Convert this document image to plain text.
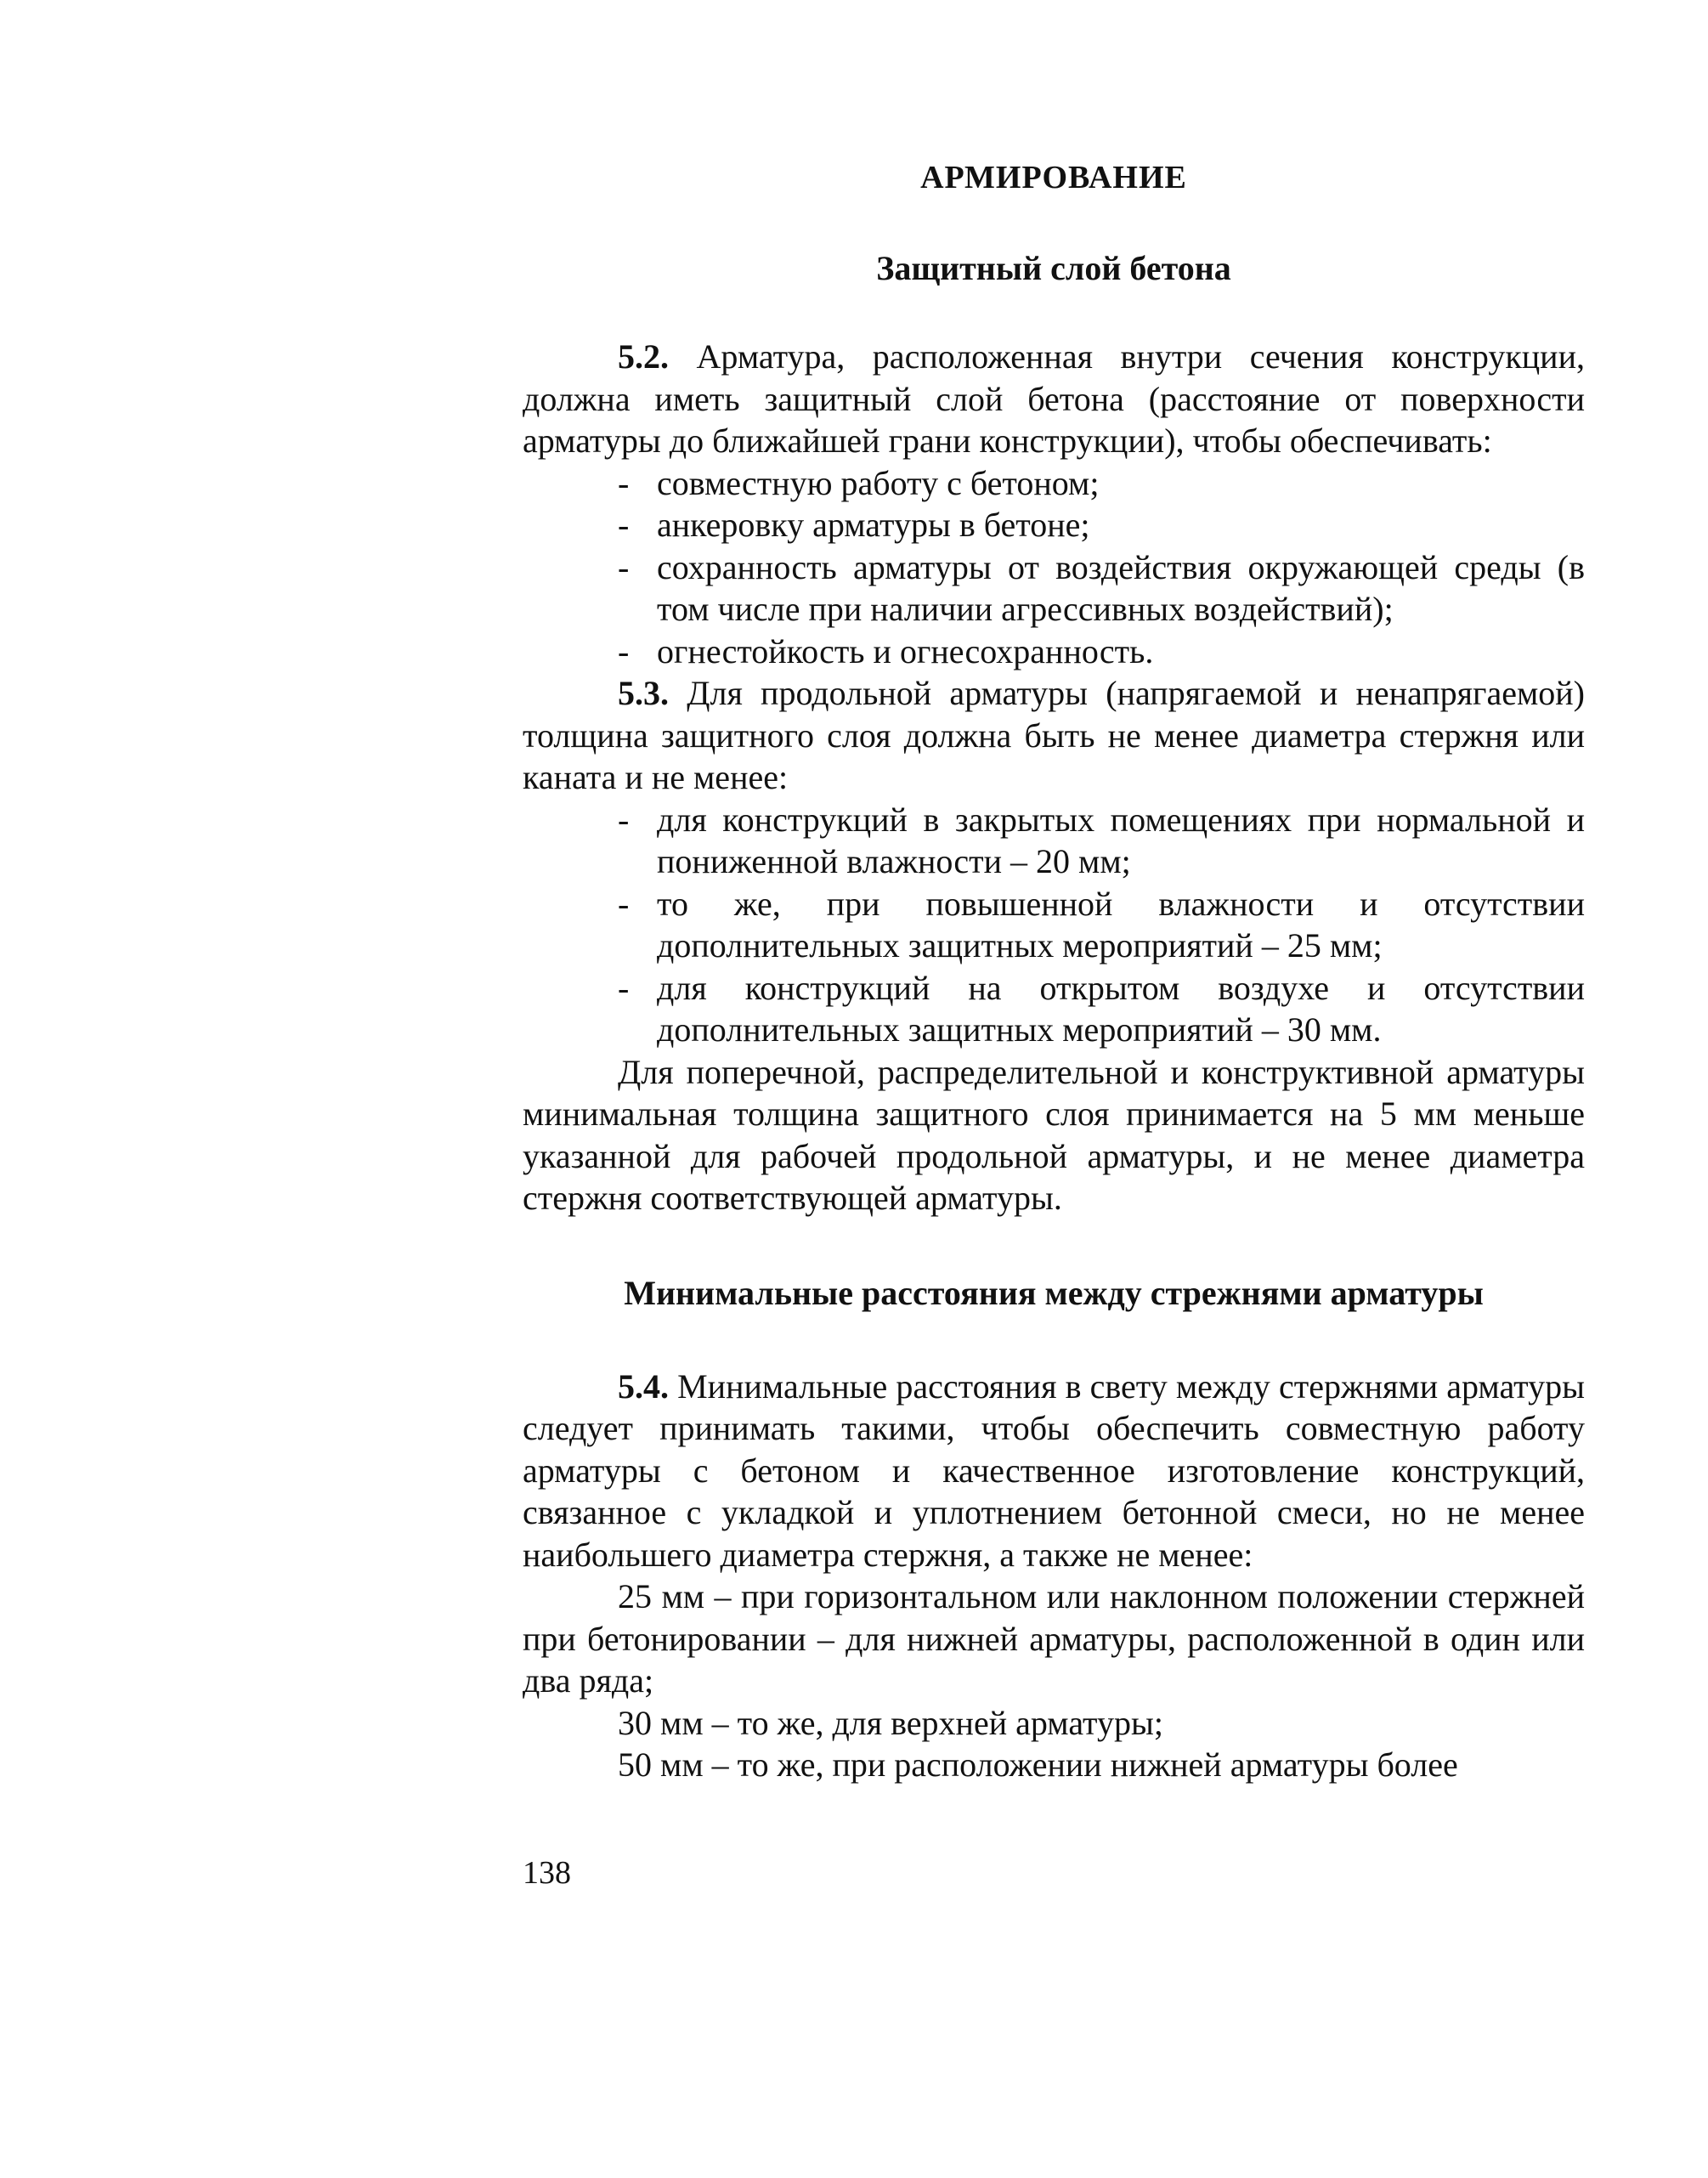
АРМИРОВАНИЕ
Защитный слой бетона

5.2. Арматура, расположенная внутри сечения конструкции, должна иметь защитный слой бетона (расстояние от поверхности арматуры до ближайшей грани конструкции), чтобы обеспечивать:

- совместную работу с бетоном;
- анкеровку арматуры в бетоне;
- сохранность арматуры от воздействия окружающей среды (в том числе при наличии агрессивных воздействий);
- огнестойкость и огнесохранность.

5.3. Для продольной арматуры (напрягаемой и ненапрягаемой) толщина защитного слоя должна быть не менее диаметра стержня или каната и не менее:

- для конструкций в закрытых помещениях при нормальной и пониженной влажности – 20 мм;
- то же, при повышенной влажности и отсутствии дополнительных защитных мероприятий – 25 мм;
- для конструкций на открытом воздухе и отсутствии дополнительных защитных мероприятий – 30 мм.

Для поперечной, распределительной и конструктивной арматуры минимальная толщина защитного слоя принимается на 5 мм меньше указанной для рабочей продольной арматуры, и не менее диаметра стержня соответствующей арматуры.

Минимальные расстояния между стрежнями арматуры

5.4. Минимальные расстояния в свету между стержнями арматуры следует принимать такими, чтобы обеспечить совместную работу арматуры с бетоном и качественное изготовление конструкций, связанное с укладкой и уплотнением бетонной смеси, но не менее наибольшего диаметра стержня, а также не менее:

25 мм – при горизонтальном или наклонном положении стержней при бетонировании – для нижней арматуры, расположенной в один или два ряда;

30 мм – то же, для верхней арматуры;

50 мм – то же, при расположении нижней арматуры более

138
